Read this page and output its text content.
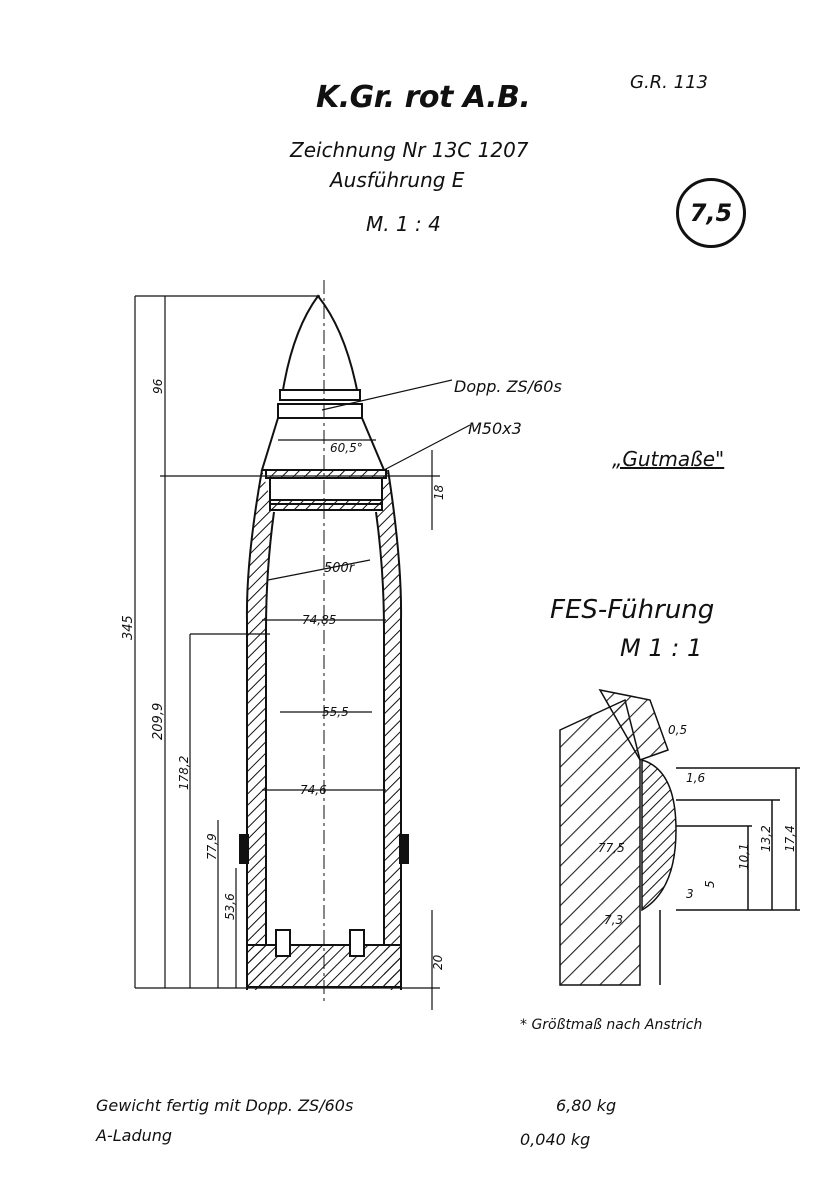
K.Gr. rot A.B.	G.R. 113
Zeichnung Nr 13C 1207
Ausführung E
M. 1 : 4	7,5
„Gutmaße"
FES-Führung
M 1 : 1
* Größtmaß nach Anstrich
Gewicht fertig mit Dopp. ZS/60s	6,80 kg
A-Ladung	0,040 kg
Dopp. ZS/60s
M50x3
60,5°
500r
74,85
55,5
74,6
96
18
345
209,9
178,2
77,9
53,6
20
0,5
1,6
77,5
7,3
13,2 17,4
10,1
5
3
